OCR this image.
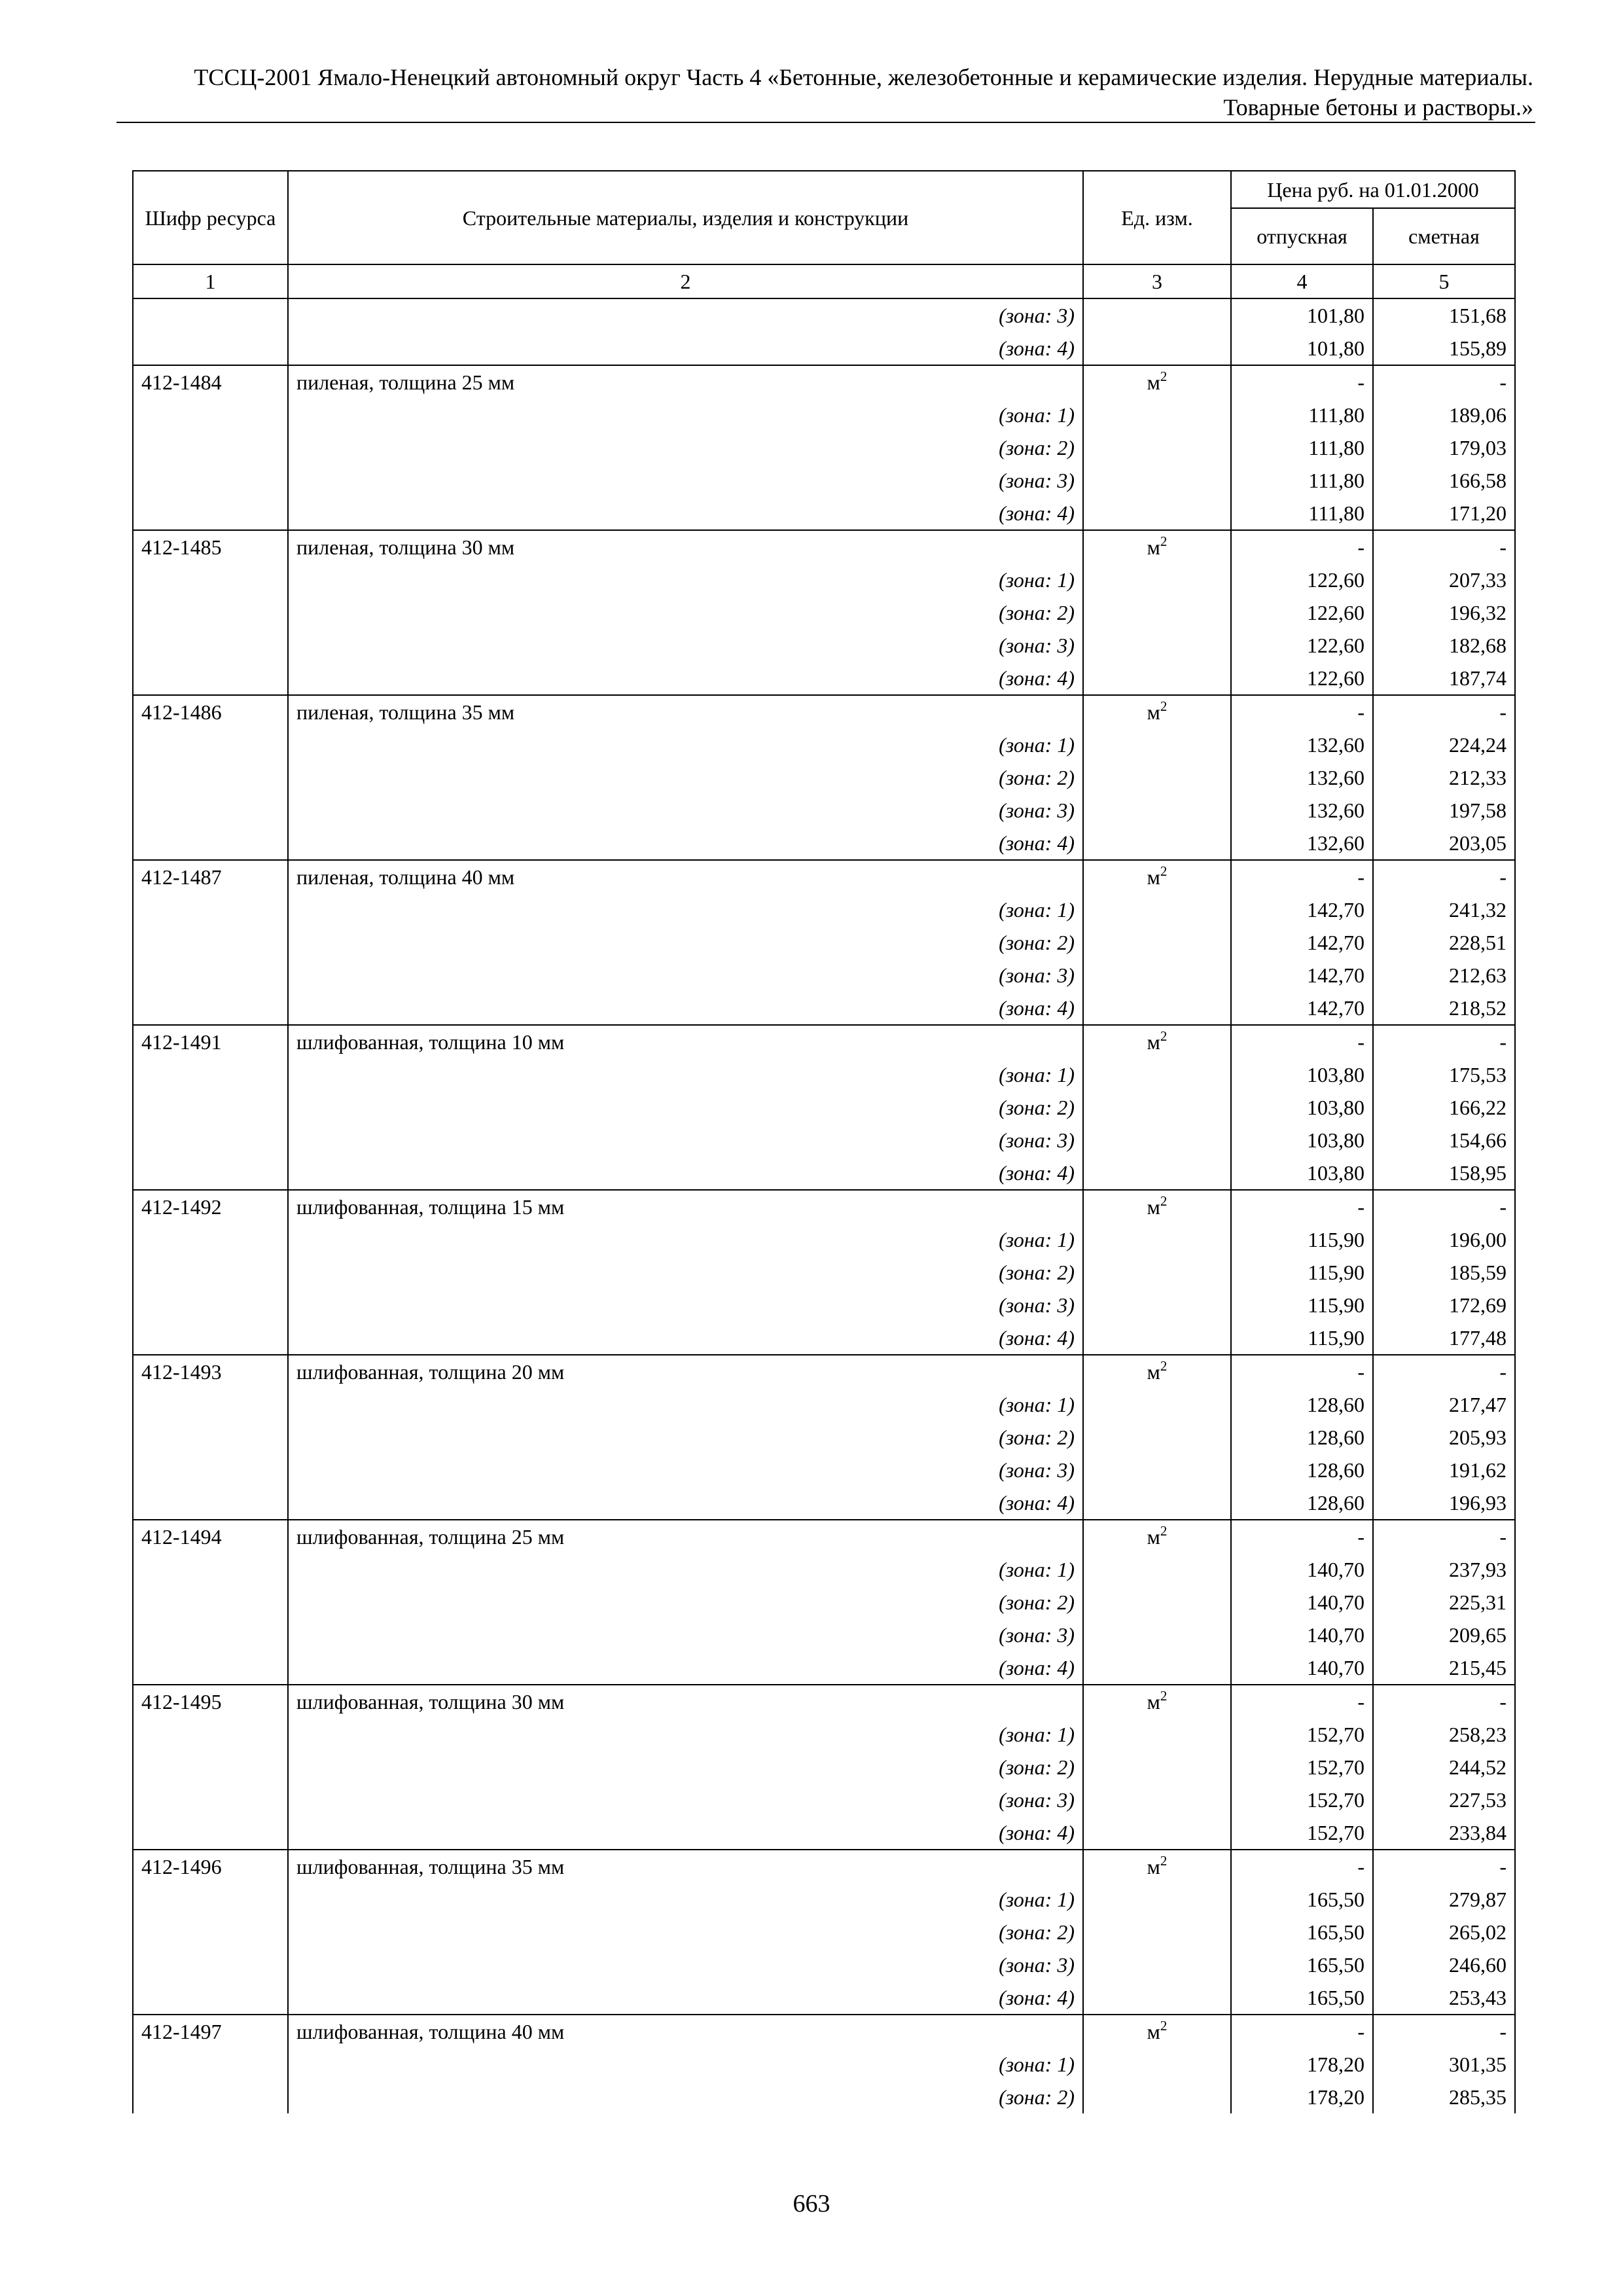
ТССЦ-2001 Ямало-Ненецкий автономный округ Часть 4 «Бетонные, железобетонные и керамические изделия. Нерудные материалы.
Товарные бетоны и растворы.»
Шифр ресурса	Строительные материалы, изделия и конструкции	Ед. изм.	Цена руб. на 01.01.2000	
			отпускная	сметная
1	2	3	4	5
	(зона: 3)		101,80	151,68
	(зона: 4)		101,80	155,89
412-1484	пиленая, толщина 25 мм	$м^2$	-	-
	(зона: 1)		111,80	189,06
	(зона: 2)		111,80	179,03
	(зона: 3)		111,80	166,58
	(зона: 4)		111,80	171,20
412-1485	пиленая, толщина 30 мм	$м^2$	-	-
	(зона: 1)		122,60	207,33
	(зона: 2)		122,60	196,32
	(зона: 3)		122,60	182,68
	(зона: 4)		122,60	187,74
412-1486	пиленая, толщина 35 мм	$м^2$	-	-
	(зона: 1)		132,60	224,24
	(зона: 2)		132,60	212,33
	(зона: 3)		132,60	197,58
	(зона: 4)		132,60	203,05
412-1487	пиленая, толщина 40 мм	$м^2$	-	-
	(зона: 1)		142,70	241,32
	(зона: 2)		142,70	228,51
	(зона: 3)		142,70	212,63
	(зона: 4)		142,70	218,52
412-1491	шлифованная, толщина 10 мм	$м^2$	-	-
	(зона: 1)		103,80	175,53
	(зона: 2)		103,80	166,22
	(зона: 3)		103,80	154,66
	(зона: 4)		103,80	158,95
412-1492	шлифованная, толщина 15 мм	$м^2$	-	-
	(зона: 1)		115,90	196,00
	(зона: 2)		115,90	185,59
	(зона: 3)		115,90	172,69
	(зона: 4)		115,90	177,48
412-1493	шлифованная, толщина 20 мм	$м^2$	-	-
	(зона: 1)		128,60	217,47
	(зона: 2)		128,60	205,93
	(зона: 3)		128,60	191,62
	(зона: 4)		128,60	196,93
412-1494	шлифованная, толщина 25 мм	$м^2$	-	-
	(зона: 1)		140,70	237,93
	(зона: 2)		140,70	225,31
	(зона: 3)		140,70	209,65
	(зона: 4)		140,70	215,45
412-1495	шлифованная, толщина 30 мм	$м^2$	-	-
	(зона: 1)		152,70	258,23
	(зона: 2)		152,70	244,52
	(зона: 3)		152,70	227,53
	(зона: 4)		152,70	233,84
412-1496	шлифованная, толщина 35 мм	$м^2$	-	-
	(зона: 1)		165,50	279,87
	(зона: 2)		165,50	265,02
	(зона: 3)		165,50	246,60
	(зона: 4)		165,50	253,43
412-1497	шлифованная, толщина 40 мм	$м^2$	-	-
	(зона: 1)		178,20	301,35
	(зона: 2)		178,20	285,35
663
